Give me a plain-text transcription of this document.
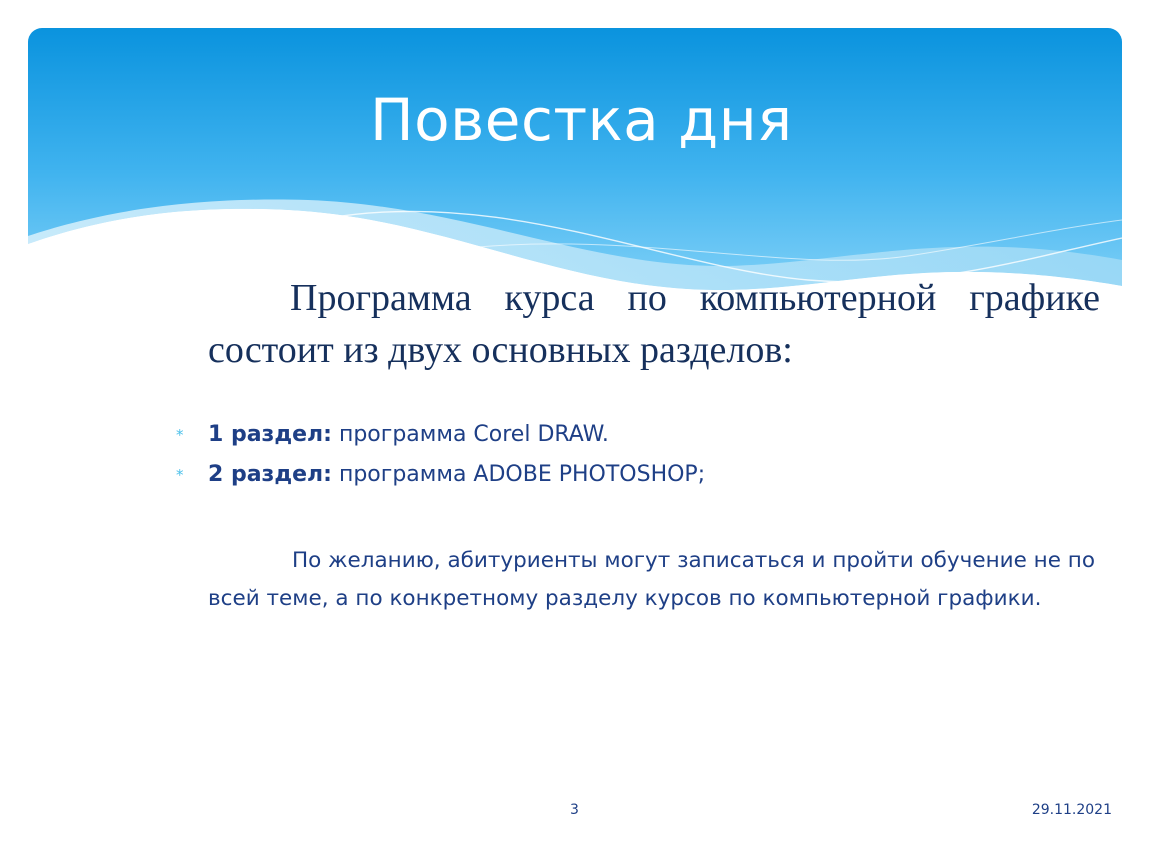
Повестка дня

Программа курса по компьютерной графике состоит из двух основных разделов:

* 1 раздел: программа Corel DRAW.
* 2 раздел: программа ADOBE PHOTOSHOP;

По желанию, абитуриенты могут записаться и пройти обучение не по всей теме, а по конкретному разделу курсов по компьютерной графики.

3	29.11.2021
